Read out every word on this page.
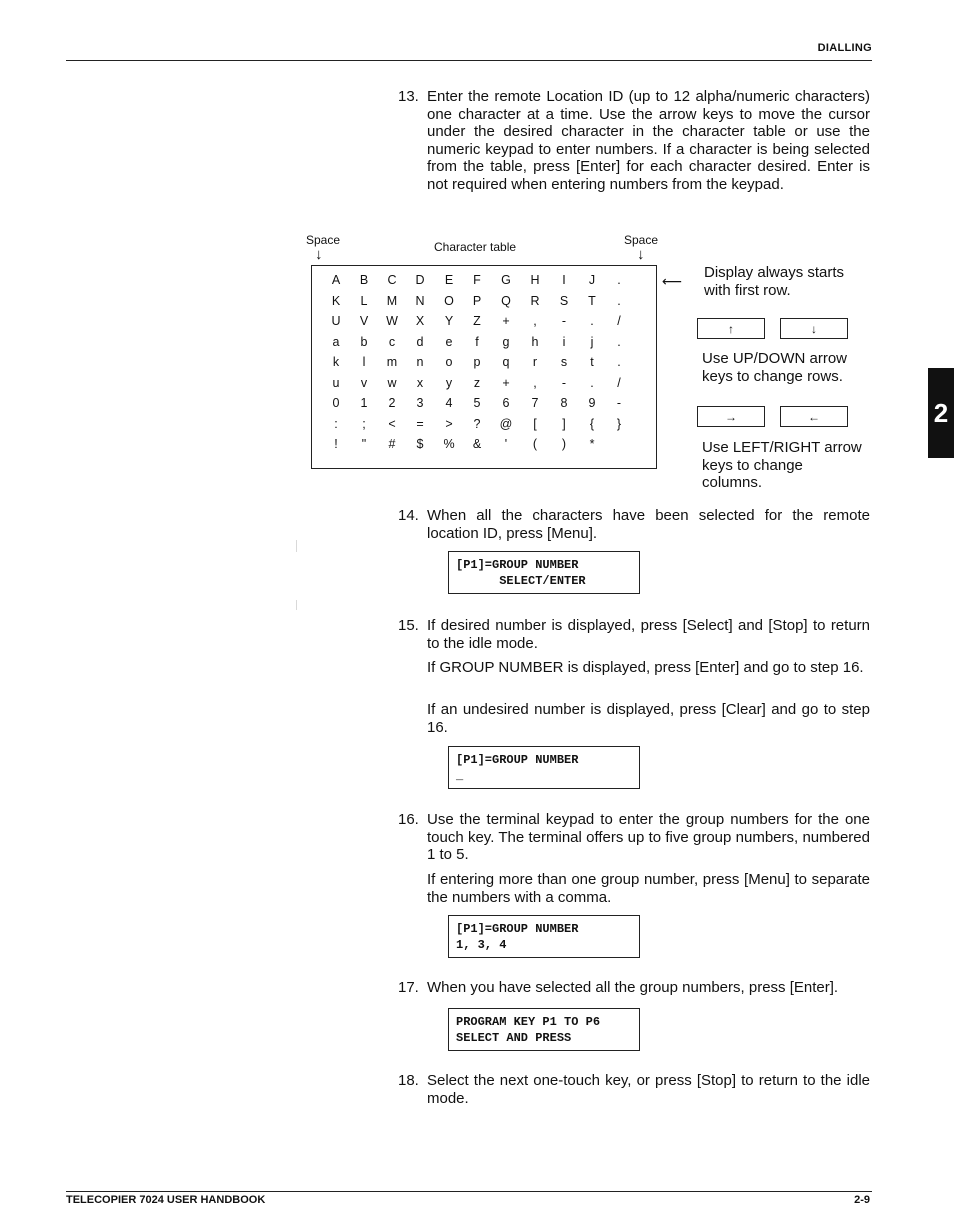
DIALLING
2
13. Enter the remote Location ID (up to 12 alpha/numeric characters) one character at a time. Use the arrow keys to move the cursor under the desired character in the character table or use the numeric keypad to enter numbers. If a character is being selected from the table, press [Enter] for each character desired. Enter is not required when entering numbers from the keypad.
Space
↓	Character table	Space
↓
A	B	C	D	E	F	G	H	I	J	.
K	L	M	N	O	P	Q	R	S	T	.
U	V	W	X	Y	Z	+	,	-	.	/
a	b	c	d	e	f	g	h	i	j	.
k	l	m	n	o	p	q	r	s	t	.
u	v	w	x	y	z	+	,	-	.	/
0	1	2	3	4	5	6	7	8	9	-
:	;	<	=	>	?	@	[	]	{	}
!	"	#	$	%	&	'	(	)	*
⟵ Display always starts with first row.
↑	↓
Use UP/DOWN arrow keys to change rows.
→	←
Use LEFT/RIGHT arrow keys to change columns.
14. When all the characters have been selected for the remote location ID, press [Menu].
[P1]=GROUP NUMBER
SELECT/ENTER
15. If desired number is displayed, press [Select] and [Stop] to return to the idle mode.
If GROUP NUMBER is displayed, press [Enter] and go to step 16.
If an undesired number is displayed, press [Clear] and go to step 16.
[P1]=GROUP NUMBER
_
16. Use the terminal keypad to enter the group numbers for the one touch key. The terminal offers up to five group numbers, numbered 1 to 5.
If entering more than one group number, press [Menu] to separate the numbers with a comma.
[P1]=GROUP NUMBER
1, 3, 4
17. When you have selected all the group numbers, press [Enter].
PROGRAM KEY P1 TO P6
SELECT AND PRESS
18. Select the next one-touch key, or press [Stop] to return to the idle mode.
TELECOPIER 7024 USER HANDBOOK	2-9
